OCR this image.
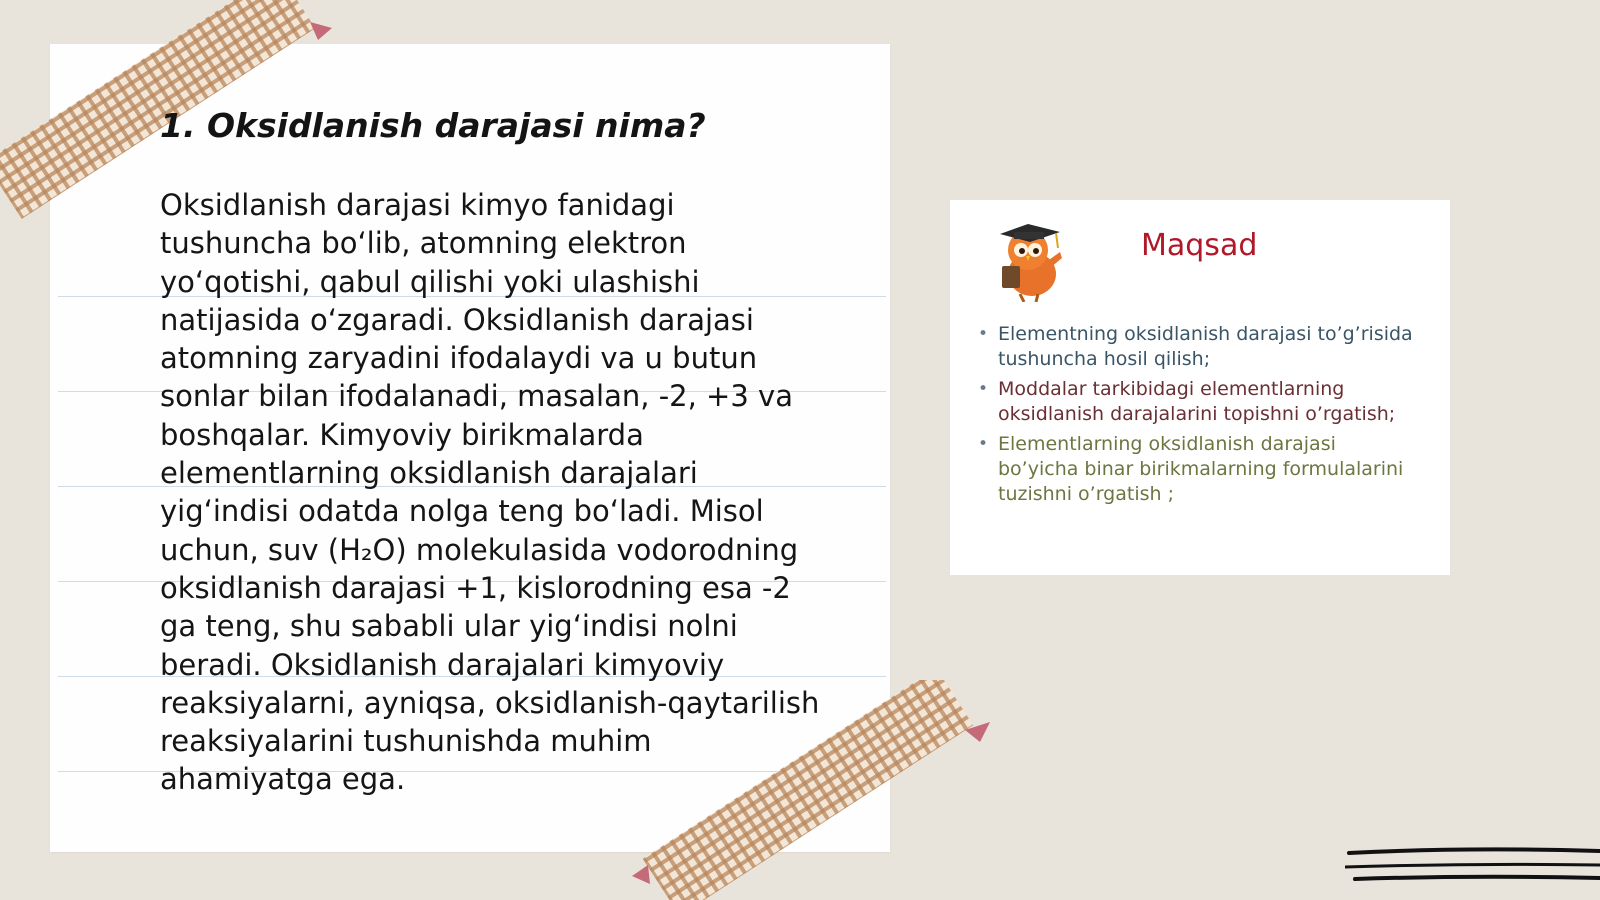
1. Oksidlanish darajasi nima?

Oksidlanish darajasi kimyo fanidagi
tushuncha bo‘lib, atomning elektron
yo‘qotishi, qabul qilishi yoki ulashishi
natijasida o‘zgaradi. Oksidlanish darajasi
atomning zaryadini ifodalaydi va u butun
sonlar bilan ifodalanadi, masalan, -2, +3 va
boshqalar. Kimyoviy birikmalarda
elementlarning oksidlanish darajalari
yig‘indisi odatda nolga teng bo‘ladi. Misol
uchun, suv (H₂O) molekulasida vodorodning
oksidlanish darajasi +1, kislorodning esa -2
ga teng, shu sababli ular yig‘indisi nolni
beradi. Oksidlanish darajalari kimyoviy
reaksiyalarni, ayniqsa, oksidlanish-qaytarilish
reaksiyalarini tushunishda muhim
ahamiyatga ega.

Maqsad
• Elementning oksidlanish darajasi to’g’risida tushuncha hosil qilish;
• Moddalar tarkibidagi elementlarning oksidlanish darajalarini topishni o’rgatish;
• Elementlarning oksidlanish darajasi bo’yicha binar birikmalarning formulalarini tuzishni o’rgatish ;
